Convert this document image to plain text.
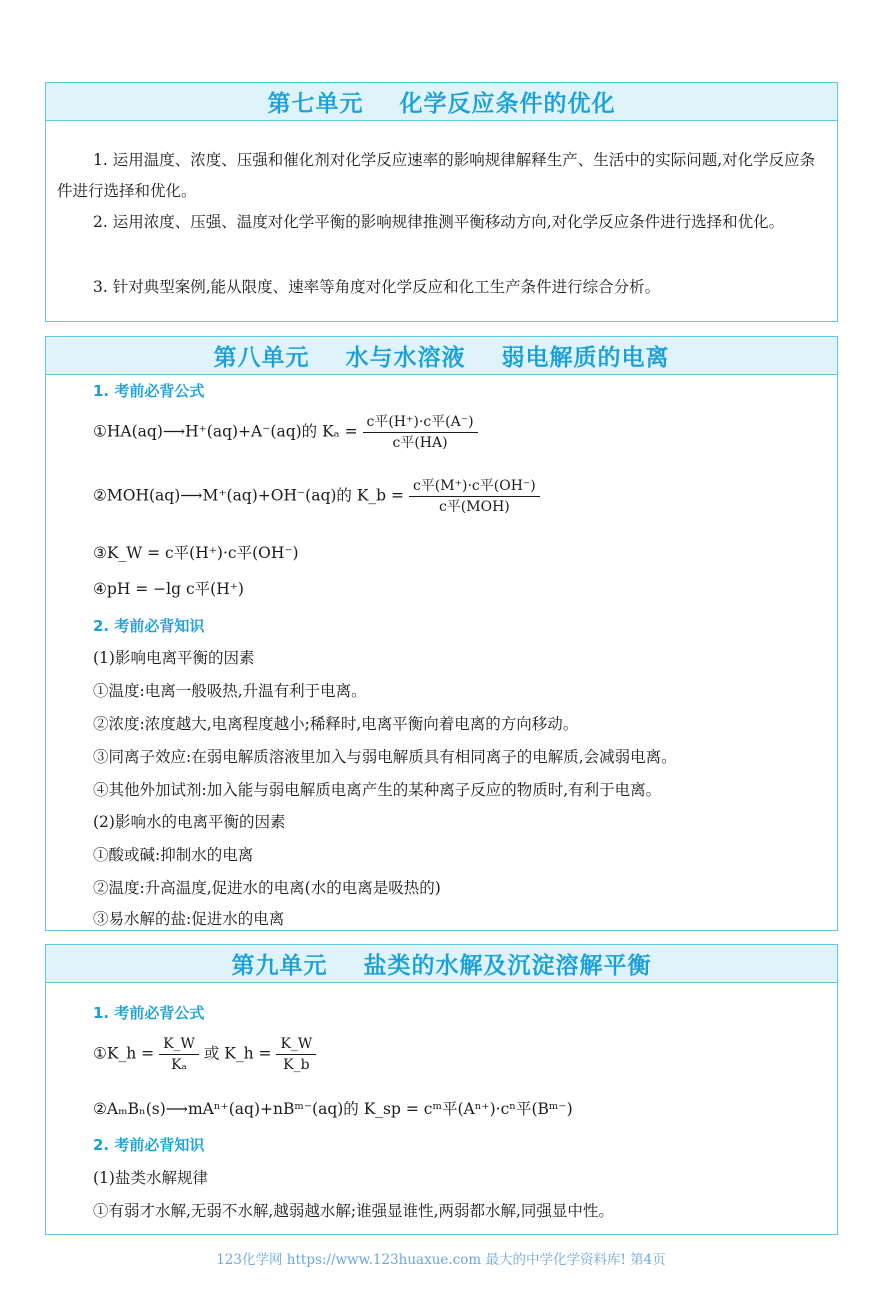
第七单元    化学反应条件的优化
1. 运用温度、浓度、压强和催化剂对化学反应速率的影响规律解释生产、生活中的实际问题,对化学反应条件进行选择和优化。
2. 运用浓度、压强、温度对化学平衡的影响规律推测平衡移动方向,对化学反应条件进行选择和优化。
3. 针对典型案例,能从限度、速率等角度对化学反应和化工生产条件进行综合分析。
第八单元    水与水溶液    弱电解质的电离
1. 考前必背公式
①HA(aq)⟶H⁺(aq)+A⁻(aq)的 $K_a = \frac{\text{c平(H⁺)·c平(A⁻)}}{\text{c平(HA)}}$
②MOH(aq)⟶M⁺(aq)+OH⁻(aq)的 K_b = $\frac{\text{c平(M⁺)·c平(OH⁻)}}{\text{c平(MOH)}}$
③K_W = c平(H⁺)·c平(OH⁻)
④pH = −lg c平(H⁺)
2. 考前必背知识
(1)影响电离平衡的因素
①温度:电离一般吸热,升温有利于电离。
②浓度:浓度越大,电离程度越小;稀释时,电离平衡向着电离的方向移动。
③同离子效应:在弱电解质溶液里加入与弱电解质具有相同离子的电解质,会减弱电离。
④其他外加试剂:加入能与弱电解质电离产生的某种离子反应的物质时,有利于电离。
(2)影响水的电离平衡的因素
①酸或碱:抑制水的电离
②温度:升高温度,促进水的电离(水的电离是吸热的)
③易水解的盐:促进水的电离
第九单元    盐类的水解及沉淀溶解平衡
1. 考前必背公式
①K_h = $\frac{K\_W}{\text{Kₐ}}$ 或 K_h = $\frac{K\_W}{K\_b}$
②AₘBₙ(s)⟶mAⁿ⁺(aq)+nBᵐ⁻(aq)的 K_sp = cᵐ平(Aⁿ⁺)·cⁿ平(Bᵐ⁻)
2. 考前必背知识
(1)盐类水解规律
①有弱才水解,无弱不水解,越弱越水解;谁强显谁性,两弱都水解,同强显中性。
123化学网 https://www.123huaxue.com 最大的中学化学资料库! 第4页
